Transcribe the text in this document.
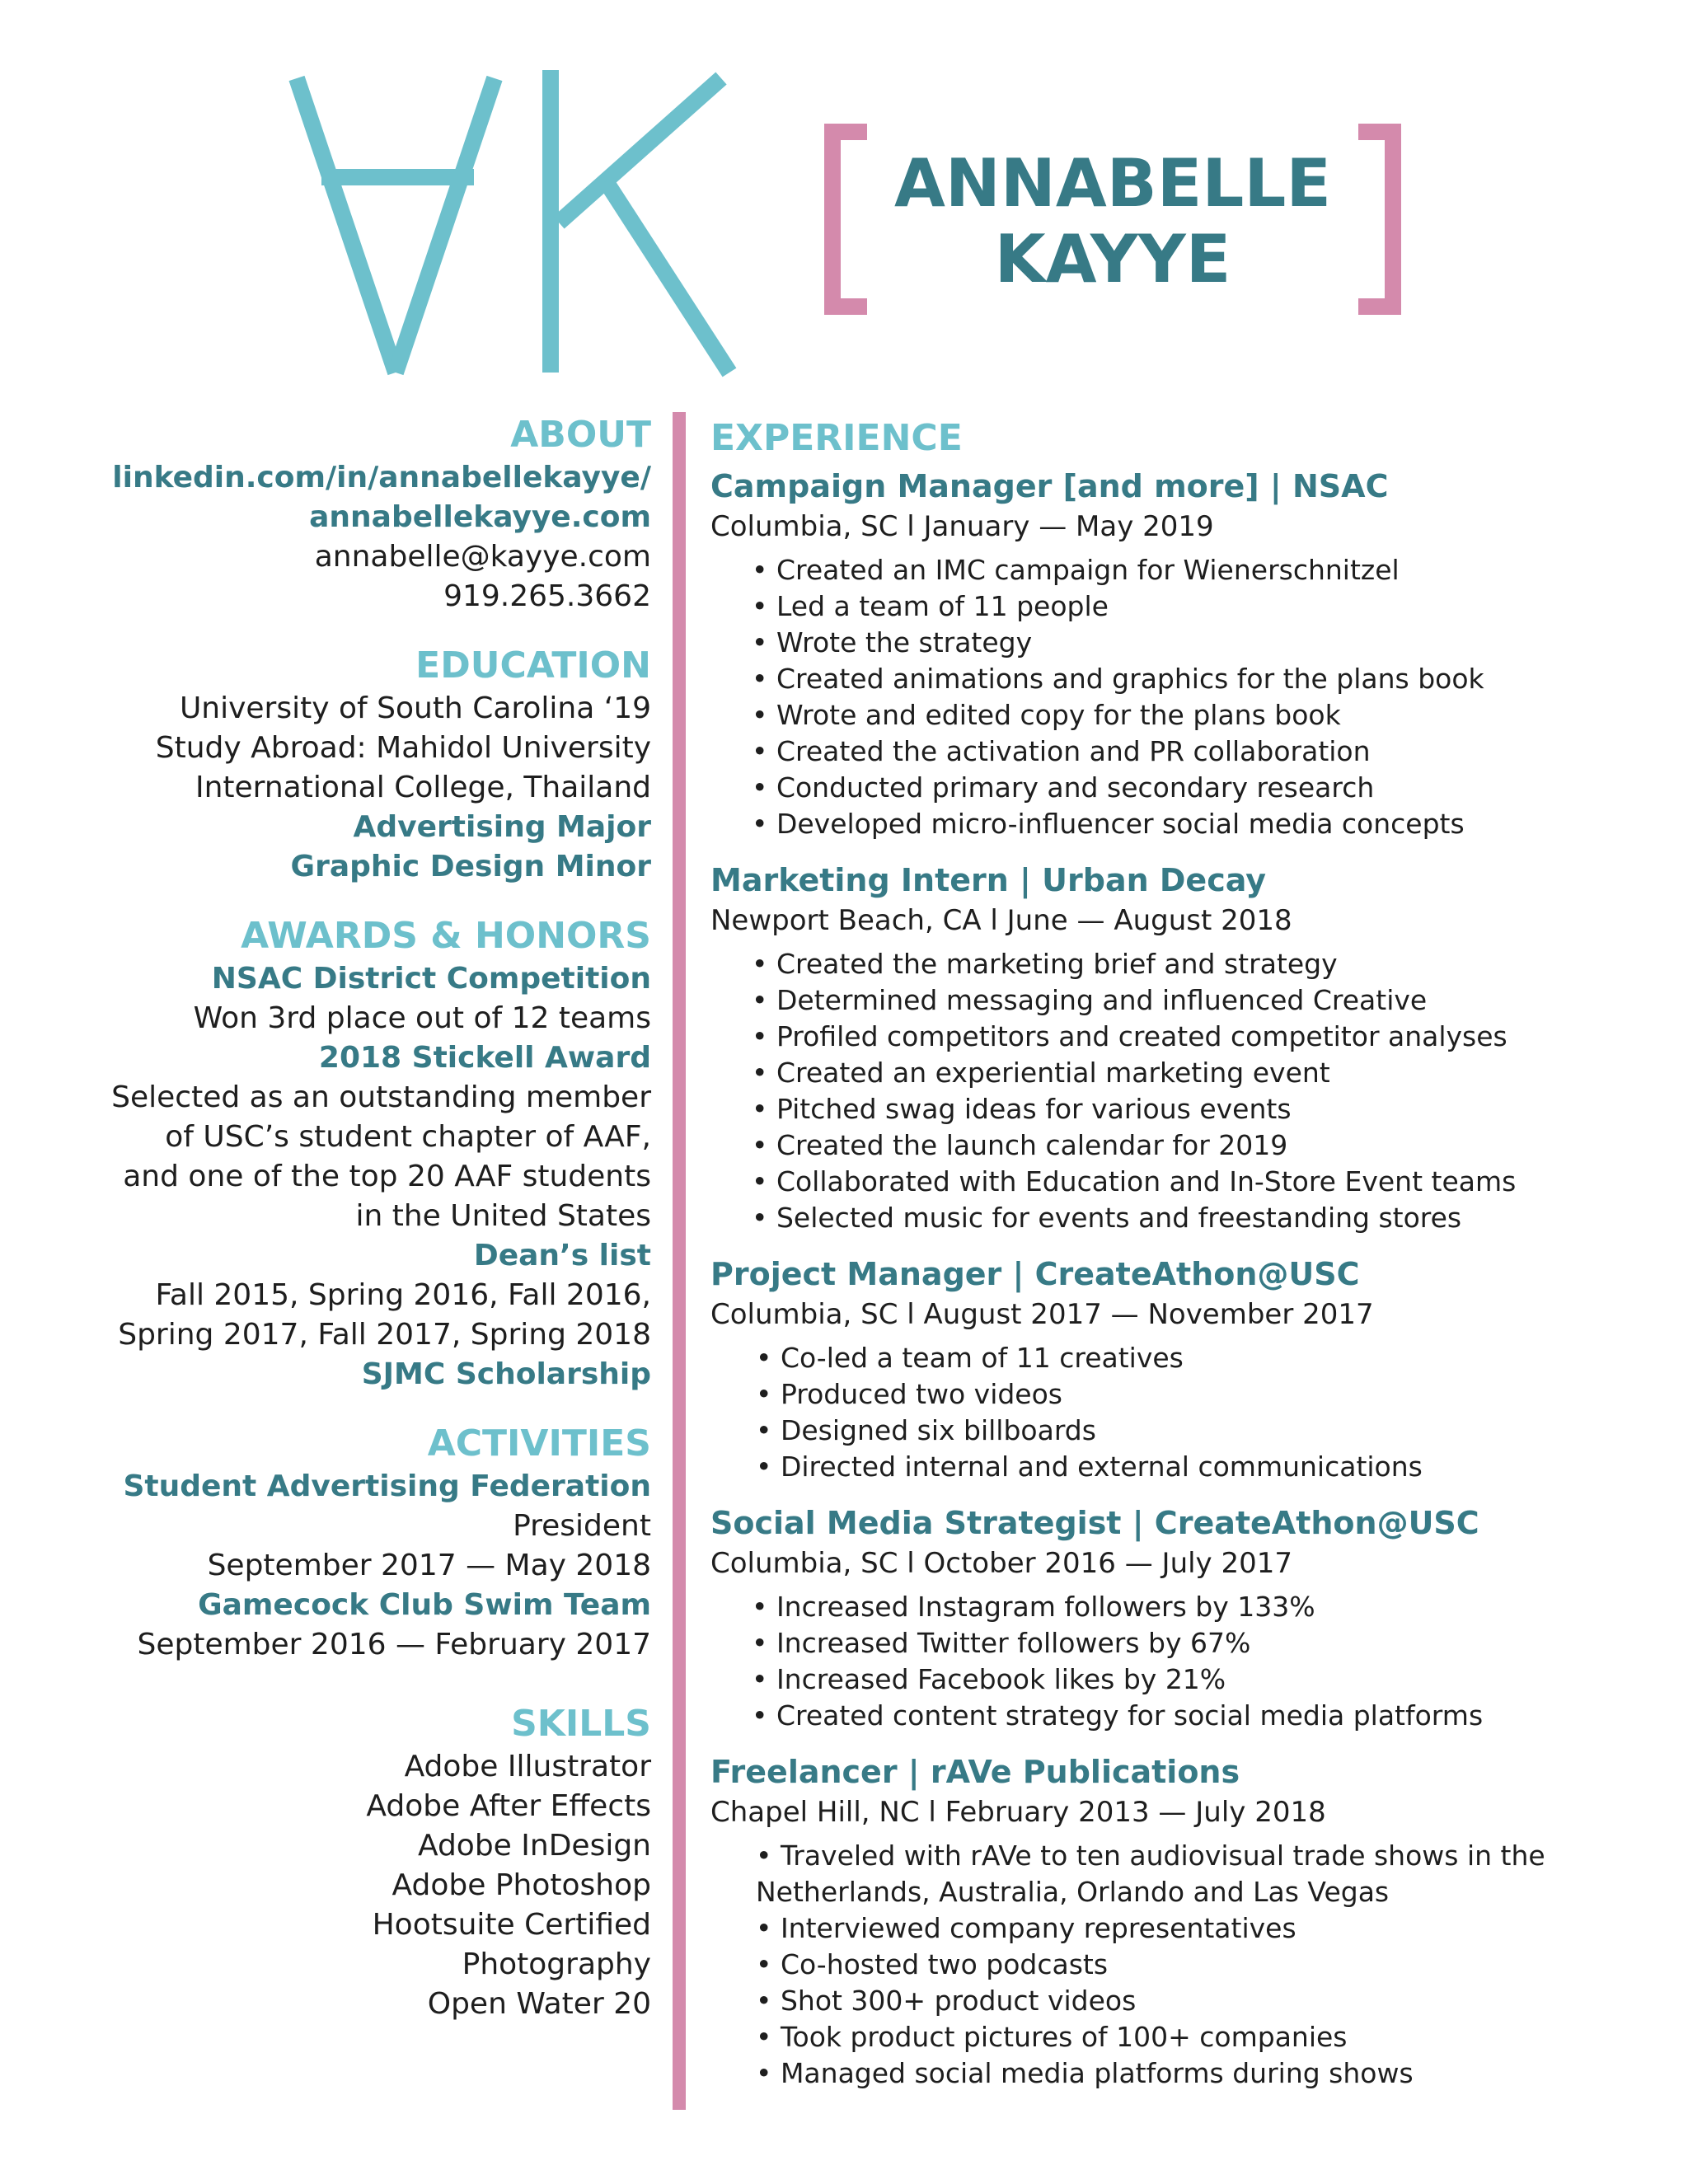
ANNABELLE
KAYYE

ABOUT

linkedin.com/in/annabellekayye/

annabellekayye.com

annabelle@kayye.com

919.265.3662

EDUCATION

University of South Carolina ‘19

Study Abroad: Mahidol University

International College, Thailand

Advertising Major

Graphic Design Minor

AWARDS & HONORS

NSAC District Competition

Won 3rd place out of 12 teams

2018 Stickell Award

Selected as an outstanding member

of USC’s student chapter of AAF,

and one of the top 20 AAF students

in the United States

Dean’s list

Fall 2015, Spring 2016, Fall 2016,

Spring 2017, Fall 2017, Spring 2018

SJMC Scholarship

ACTIVITIES

Student Advertising Federation

President

September 2017 — May 2018

Gamecock Club Swim Team

September 2016 — February 2017

SKILLS

Adobe Illustrator

Adobe After Effects

Adobe InDesign

Adobe Photoshop

Hootsuite Certified

Photography

Open Water 20

EXPERIENCE

Campaign Manager [and more] | NSAC

Columbia, SC l January — May 2019

• Created an IMC campaign for Wienerschnitzel
• Led a team of 11 people
• Wrote the strategy
• Created animations and graphics for the plans book
• Wrote and edited copy for the plans book
• Created the activation and PR collaboration
• Conducted primary and secondary research
• Developed micro-influencer social media concepts

Marketing Intern | Urban Decay

Newport Beach, CA l June — August 2018

• Created the marketing brief and strategy
• Determined messaging and influenced Creative
• Profiled competitors and created competitor analyses
• Created an experiential marketing event
• Pitched swag ideas for various events
• Created the launch calendar for 2019
• Collaborated with Education and In-Store Event teams
• Selected music for events and freestanding stores

Project Manager | CreateAthon@USC

Columbia, SC l August 2017 — November 2017

• Co-led a team of 11 creatives
• Produced two videos
• Designed six billboards
• Directed internal and external communications

Social Media Strategist | CreateAthon@USC

Columbia, SC l October 2016 — July 2017

• Increased Instagram followers by 133%
• Increased Twitter followers by 67%
• Increased Facebook likes by 21%
• Created content strategy for social media platforms

Freelancer | rAVe Publications

Chapel Hill, NC l February 2013 — July 2018

• Traveled with rAVe to ten audiovisual trade shows in the
Netherlands, Australia, Orlando and Las Vegas
• Interviewed company representatives
• Co-hosted two podcasts
• Shot 300+ product videos
• Took product pictures of 100+ companies
• Managed social media platforms during shows
